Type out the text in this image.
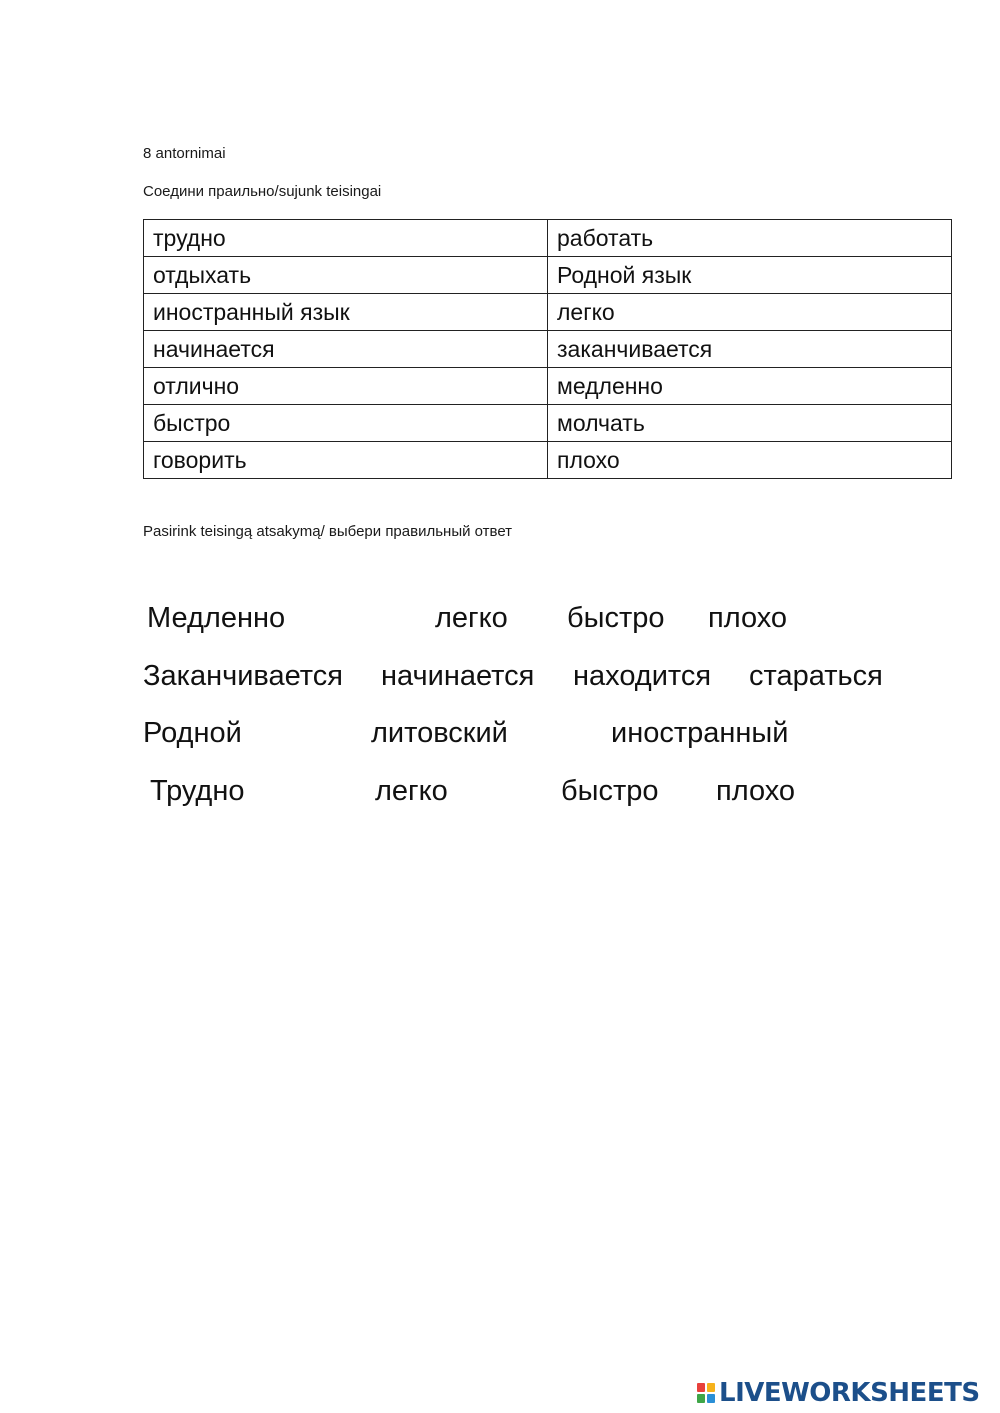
8 antornimai
Соедини праильно/sujunk teisingai
трудно	работать
отдыхать	Родной язык
иностранный язык	легко
начинается	заканчивается
отлично	медленно
быстро	молчать
говорить	плохо
Pasirink teisingą atsakymą/ выбери правильный ответ
Медленно	легко быстро плохо
Заканчивается начинается находится стараться
Родной	литовский	иностранный
Трудно	легко	быстро плохо
LIVEWORKSHEETS
